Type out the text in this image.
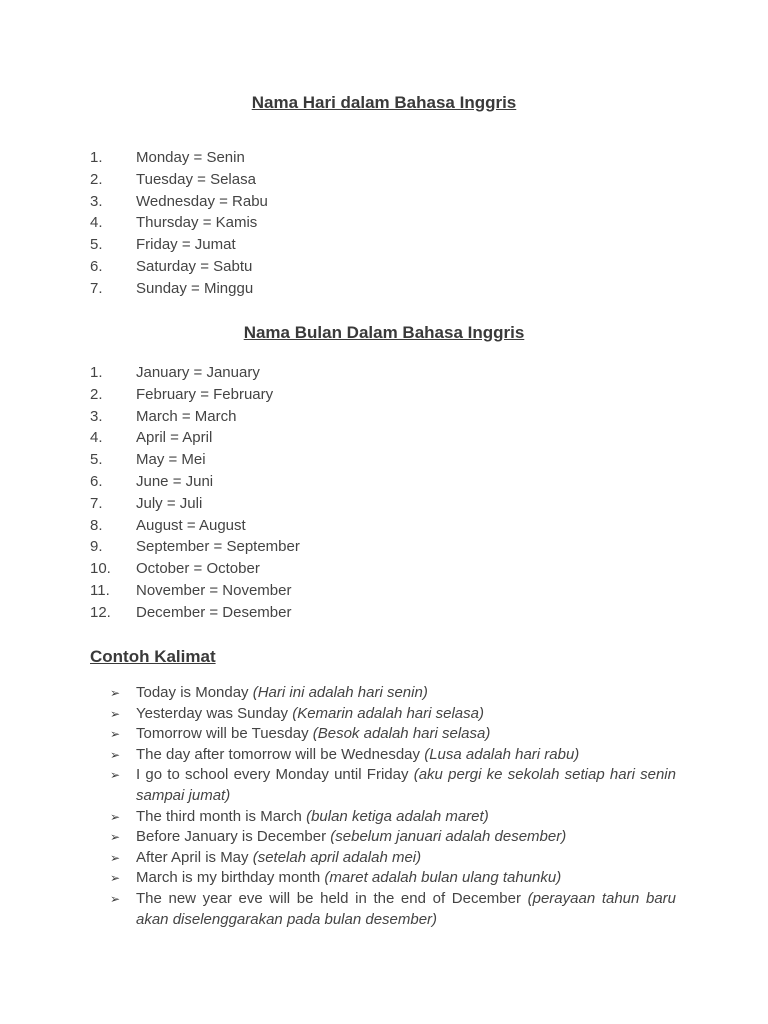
Nama Hari dalam Bahasa Inggris
1. Monday = Senin
2. Tuesday = Selasa
3. Wednesday = Rabu
4. Thursday = Kamis
5. Friday = Jumat
6. Saturday = Sabtu
7. Sunday = Minggu
Nama Bulan Dalam Bahasa Inggris
1. January = January
2. February = February
3. March = March
4. April = April
5. May = Mei
6. June = Juni
7. July = Juli
8. August = August
9. September = September
10. October = October
11. November = November
12. December = Desember
Contoh Kalimat
➢ Today is Monday (Hari ini adalah hari senin)
➢ Yesterday was Sunday (Kemarin adalah hari selasa)
➢ Tomorrow will be Tuesday (Besok adalah hari selasa)
➢ The day after tomorrow will be Wednesday (Lusa adalah hari rabu)
➢ I go to school every Monday until Friday (aku pergi ke sekolah setiap hari senin sampai jumat)
➢ The third month is March (bulan ketiga adalah maret)
➢ Before January is December (sebelum januari adalah desember)
➢ After April is May (setelah april adalah mei)
➢ March is my birthday month (maret adalah bulan ulang tahunku)
➢ The new year eve will be held in the end of December (perayaan tahun baru akan diselenggarakan pada bulan desember)
